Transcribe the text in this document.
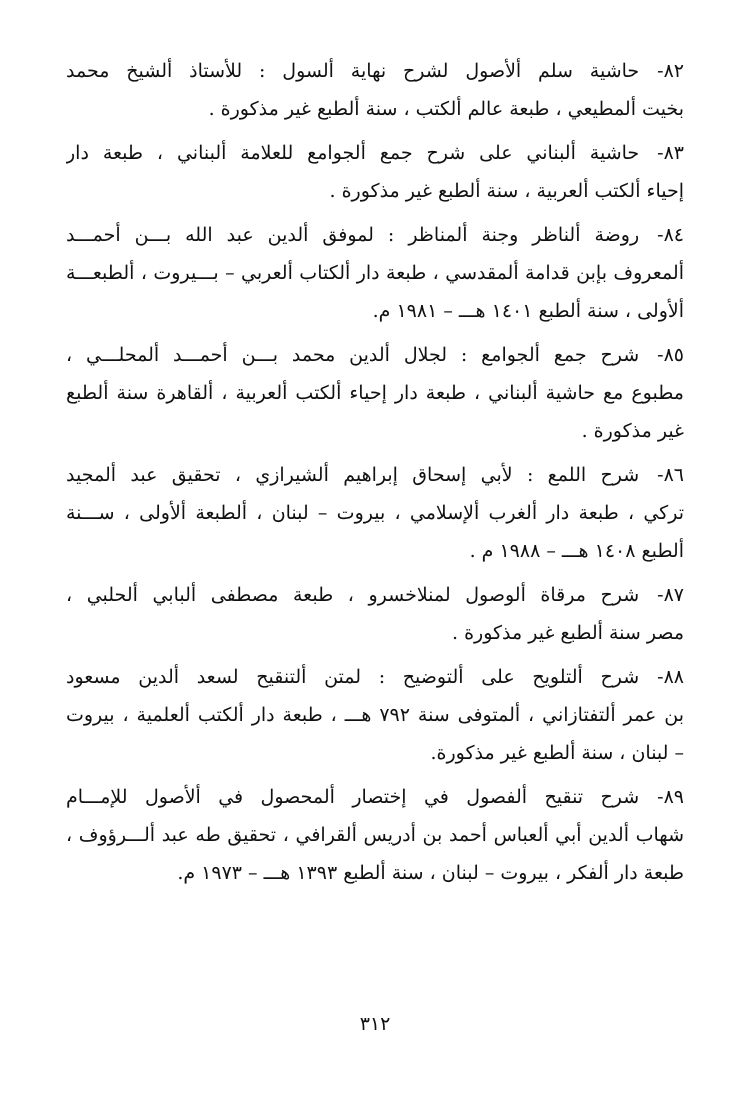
٨٢-حاشية سلم ألأصول لشرح نهاية ألسول : للأستاذ ألشيخ محمد
بخيت ألمطيعي ، طبعة عالم ألكتب ، سنة ألطبع غير مذكورة .
٨٣-حاشية ألبناني على شرح جمع ألجوامع للعلامة ألبناني ، طبعة دار
إحياء ألكتب ألعربية ، سنة ألطبع غير مذكورة .
٨٤-روضة ألناظر وجنة ألمناظر : لموفق ألدين عبد الله بـــن أحمـــد
ألمعروف بإبن قدامة ألمقدسي ، طبعة دار ألكتاب ألعربي – بـــيروت ، ألطبعـــة
ألأولى ، سنة ألطبع ١٤٠١ هـــ – ١٩٨١ م.
٨٥-شرح جمع ألجوامع : لجلال ألدين محمد بـــن أحمـــد ألمحلـــي ،
مطبوع مع حاشية ألبناني ، طبعة دار إحياء ألكتب ألعربية ، ألقاهرة سنة ألطبع
غير مذكورة .
٨٦-شرح اللمع : لأبي إسحاق إبراهيم ألشيرازي ، تحقيق عبد ألمجيد
تركي ، طبعة دار ألغرب ألإسلامي ، بيروت – لبنان ، ألطبعة ألأولى ، ســـنة
ألطبع ١٤٠٨ هـــ – ١٩٨٨ م .
٨٧-شرح مرقاة ألوصول لمنلاخسرو ، طبعة مصطفى ألبابي ألحلبي ،
مصر سنة ألطبع غير مذكورة .
٨٨-شرح ألتلويح على ألتوضيح : لمتن ألتنقيح لسعد ألدين مسعود
بن عمر ألتفتازاني ، ألمتوفى سنة ٧٩٢ هـــ ، طبعة دار ألكتب ألعلمية ، بيروت
– لبنان ، سنة ألطبع غير مذكورة.
٨٩-شرح تنقيح ألفصول في إختصار ألمحصول في ألأصول للإمـــام
شهاب ألدين أبي ألعباس أحمد بن أدريس ألقرافي ، تحقيق طه عبد ألـــرؤوف ،
طبعة دار ألفكر ، بيروت – لبنان ، سنة ألطبع ١٣٩٣ هـــ – ١٩٧٣ م.
٣١٢
